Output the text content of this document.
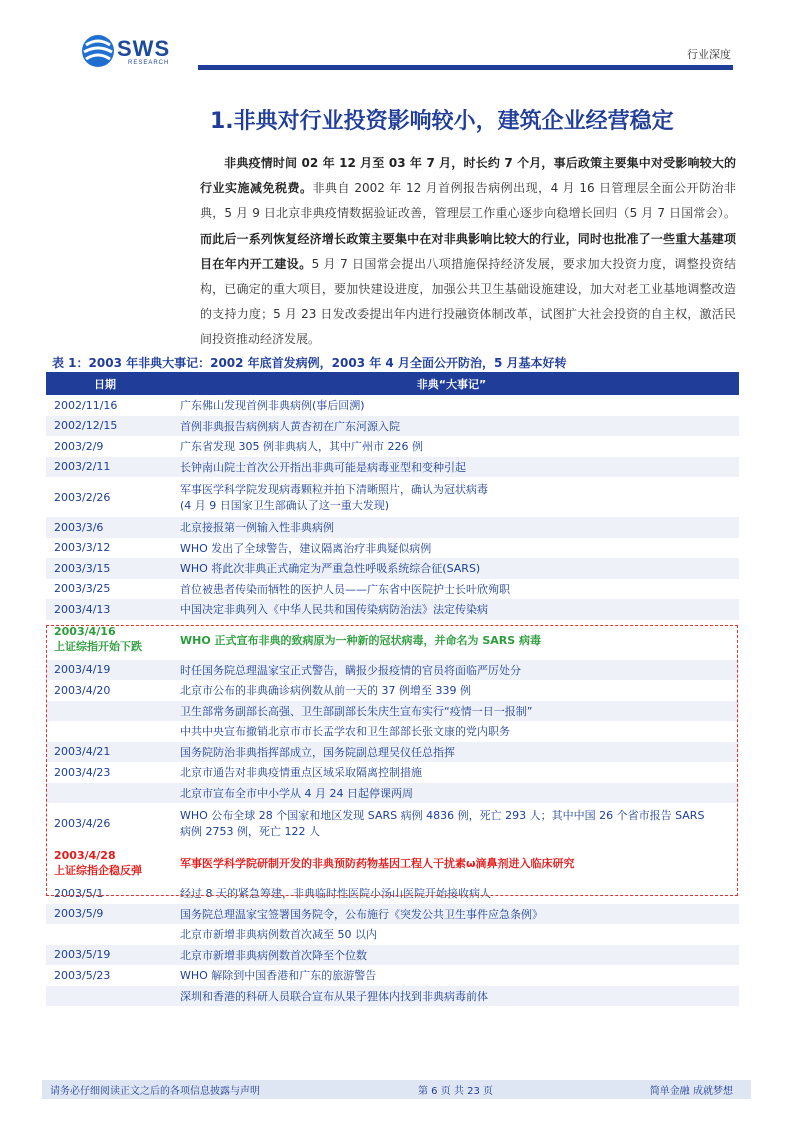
SWS
RESEARCH
行业深度
1.非典对行业投资影响较小，建筑企业经营稳定
非典疫情时间 02 年 12 月至 03 年 7 月，时长约 7 个月，事后政策主要集中对受影响较大的行业实施减免税费。非典自 2002 年 12 月首例报告病例出现，4 月 16 日管理层全面公开防治非典，5 月 9 日北京非典疫情数据验证改善，管理层工作重心逐步向稳增长回归（5 月 7 日国常会）。而此后一系列恢复经济增长政策主要集中在对非典影响比较大的行业，同时也批准了一些重大基建项目在年内开工建设。5 月 7 日国常会提出八项措施保持经济发展，要求加大投资力度，调整投资结构，已确定的重大项目，要加快建设进度，加强公共卫生基础设施建设，加大对老工业基地调整改造的支持力度；5 月 23 日发改委提出年内进行投融资体制改革，试图扩大社会投资的自主权，激活民间投资推动经济发展。
表 1：2003 年非典大事记：2002 年底首发病例，2003 年 4 月全面公开防治，5 月基本好转
日期	非典“大事记”
2002/11/16	广东佛山发现首例非典病例(事后回溯)
2002/12/15	首例非典报告病例病人黄杏初在广东河源入院
2003/2/9	广东省发现 305 例非典病人，其中广州市 226 例
2003/2/11	长钟南山院士首次公开指出非典可能是病毒亚型和变种引起
2003/2/26	军事医学科学院发现病毒颗粒并拍下清晰照片，确认为冠状病毒
(4 月 9 日国家卫生部确认了这一重大发现)
2003/3/6	北京接报第一例输入性非典病例
2003/3/12	WHO 发出了全球警告，建议隔离治疗非典疑似病例
2003/3/15	WHO 将此次非典正式确定为严重急性呼吸系统综合征(SARS)
2003/3/25	首位被患者传染而牺牲的医护人员——广东省中医院护士长叶欣殉职
2003/4/13	中国决定非典列入《中华人民共和国传染病防治法》法定传染病
2003/4/16
上证综指开始下跌	WHO 正式宣布非典的致病原为一种新的冠状病毒，并命名为 SARS 病毒
2003/4/19	时任国务院总理温家宝正式警告，瞒报少报疫情的官员将面临严厉处分
2003/4/20	北京市公布的非典确诊病例数从前一天的 37 例增至 339 例
	卫生部常务副部长高强、卫生部副部长朱庆生宣布实行“疫情一日一报制”
	中共中央宣布撤销北京市市长孟学农和卫生部部长张文康的党内职务
2003/4/21	国务院防治非典指挥部成立，国务院副总理吴仪任总指挥
2003/4/23	北京市通告对非典疫情重点区域采取隔离控制措施
	北京市宣布全市中小学从 4 月 24 日起停课两周
2003/4/26	WHO 公布全球 28 个国家和地区发现 SARS 病例 4836 例，死亡 293 人；其中中国 26 个省市报告 SARS
病例 2753 例，死亡 122 人
2003/4/28
上证综指企稳反弹	军事医学科学院研制开发的非典预防药物基因工程人干扰素ω滴鼻剂进入临床研究
2003/5/1	经过 8 天的紧急筹建，非典临时性医院小汤山医院开始接收病人
2003/5/9	国务院总理温家宝签署国务院令，公布施行《突发公共卫生事件应急条例》
	北京市新增非典病例数首次减至 50 以内
2003/5/19	北京市新增非典病例数首次降至个位数
2003/5/23	WHO 解除到中国香港和广东的旅游警告
	深圳和香港的科研人员联合宣布从果子狸体内找到非典病毒前体
请务必仔细阅读正文之后的各项信息披露与声明	第 6 页 共 23 页	简单金融 成就梦想
